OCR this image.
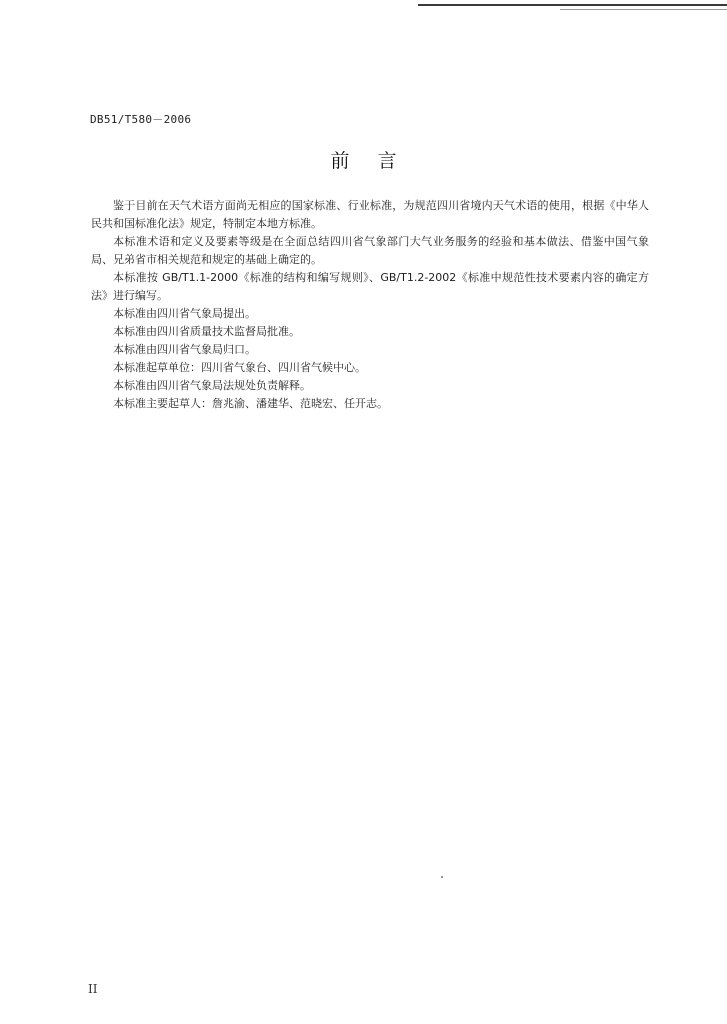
DB51/T580－2006
前言

鉴于目前在天气术语方面尚无相应的国家标准、行业标准，为规范四川省境内天气术语的使用，根据《中华人民共和国标准化法》规定，特制定本地方标准。

本标准术语和定义及要素等级是在全面总结四川省气象部门大气业务服务的经验和基本做法、借鉴中国气象局、兄弟省市相关规范和规定的基础上确定的。

本标准按 GB/T1.1-2000《标准的结构和编写规则》、GB/T1.2-2002《标准中规范性技术要素内容的确定方法》进行编写。

本标准由四川省气象局提出。

本标准由四川省质量技术监督局批准。

本标准由四川省气象局归口。

本标准起草单位：四川省气象台、四川省气候中心。

本标准由四川省气象局法规处负责解释。

本标准主要起草人：詹兆渝、潘建华、范晓宏、任开志。

II
